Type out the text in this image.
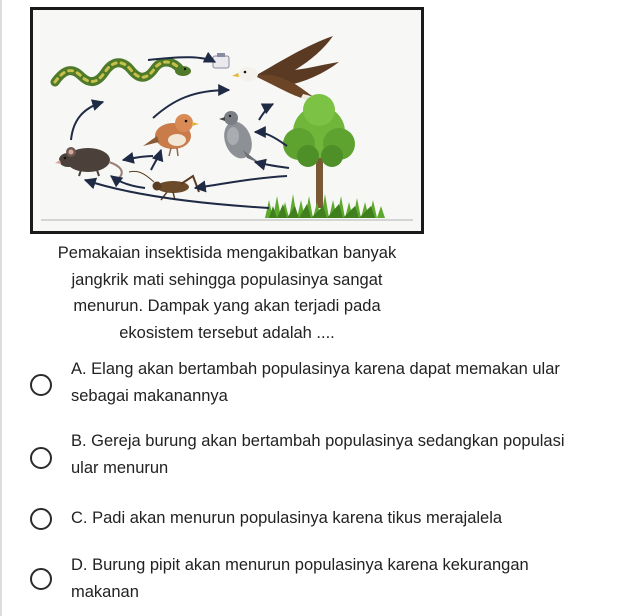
Pemakaian insektisida mengakibatkan banyak
jangkrik mati sehingga populasinya sangat
menurun. Dampak yang akan terjadi pada
ekosistem tersebut adalah ....
A. Elang akan bertambah populasinya karena dapat memakan ular
sebagai makanannya
B. Gereja burung akan bertambah populasinya sedangkan populasi
ular menurun
C. Padi akan menurun populasinya karena tikus merajalela
D. Burung pipit akan menurun populasinya karena kekurangan
makanan
